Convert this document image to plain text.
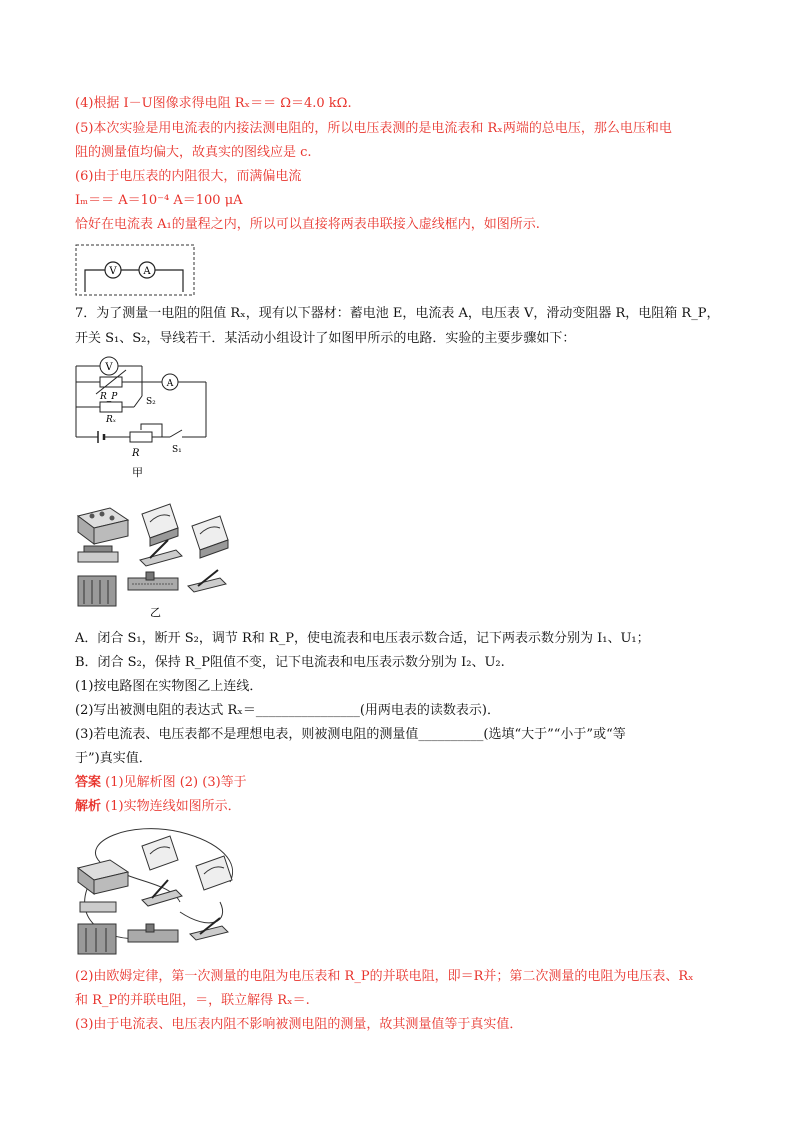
(4)根据 I－U图像求得电阻 Rₓ＝＝ Ω＝4.0 kΩ.
(5)本次实验是用电流表的内接法测电阻的，所以电压表测的是电流表和 Rₓ两端的总电压，那么电压和电
阻的测量值均偏大，故真实的图线应是 c.
(6)由于电压表的内阻很大，而满偏电流
Iₘ＝＝ A＝10⁻⁴ A＝100 μA
恰好在电流表 A₁的量程之内，所以可以直接将两表串联接入虚线框内，如图所示.
V	A
7．为了测量一电阻的阻值 Rₓ，现有以下器材：蓄电池 E，电流表 A，电压表 V，滑动变阻器 R，电阻箱 R_P，
开关 S₁、S₂，导线若干．某活动小组设计了如图甲所示的电路．实验的主要步骤如下：
V
A
R_P	S₂
Rₓ
R	S₁
甲
乙
A．闭合 S₁，断开 S₂，调节 R和 R_P，使电流表和电压表示数合适，记下两表示数分别为 I₁、U₁；
B．闭合 S₂，保持 R_P阻值不变，记下电流表和电压表示数分别为 I₂、U₂.
(1)按电路图在实物图乙上连线．
(2)写出被测电阻的表达式 Rₓ＝________________(用两电表的读数表示)．
(3)若电流表、电压表都不是理想电表，则被测电阻的测量值__________(选填“大于”“小于”或“等
于”)真实值．
答案 (1)见解析图 (2) (3)等于
解析 (1)实物连线如图所示．
(2)由欧姆定律，第一次测量的电阻为电压表和 R_P的并联电阻，即＝R并；第二次测量的电阻为电压表、Rₓ
和 R_P的并联电阻，＝，联立解得 Rₓ＝.
(3)由于电流表、电压表内阻不影响被测电阻的测量，故其测量值等于真实值．
